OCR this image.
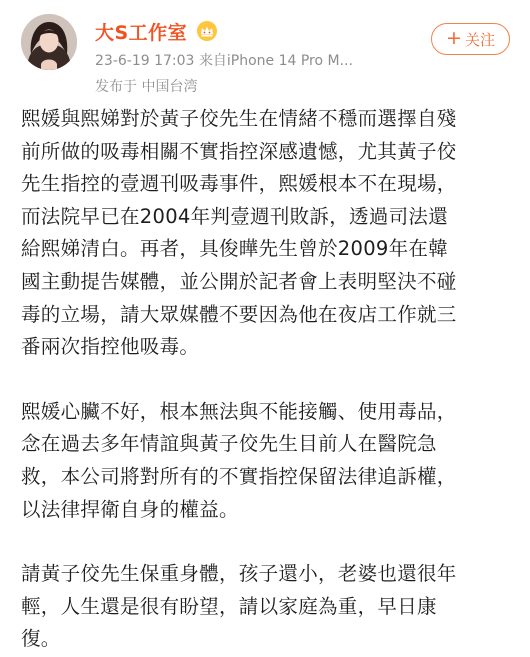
大S工作室
23-6-19 17:03 来自iPhone 14 Pro M...
发布于 中国台湾
+ 关注

熙媛與熙娣對於黃子佼先生在情緒不穩而選擇自殘
前所做的吸毒相關不實指控深感遺憾，尤其黃子佼
先生指控的壹週刊吸毒事件，熙媛根本不在現場，
而法院早已在2004年判壹週刊敗訴，透過司法還
給熙娣清白。再者，具俊曄先生曾於2009年在韓
國主動提告媒體，並公開於記者會上表明堅決不碰
毒的立場，請大眾媒體不要因為他在夜店工作就三
番兩次指控他吸毒。

熙媛心臟不好，根本無法與不能接觸、使用毒品，
念在過去多年情誼與黃子佼先生目前人在醫院急
救，本公司將對所有的不實指控保留法律追訴權，
以法律捍衛自身的權益。

請黃子佼先生保重身體，孩子還小，老婆也還很年
輕，人生還是很有盼望，請以家庭為重，早日康
復。
